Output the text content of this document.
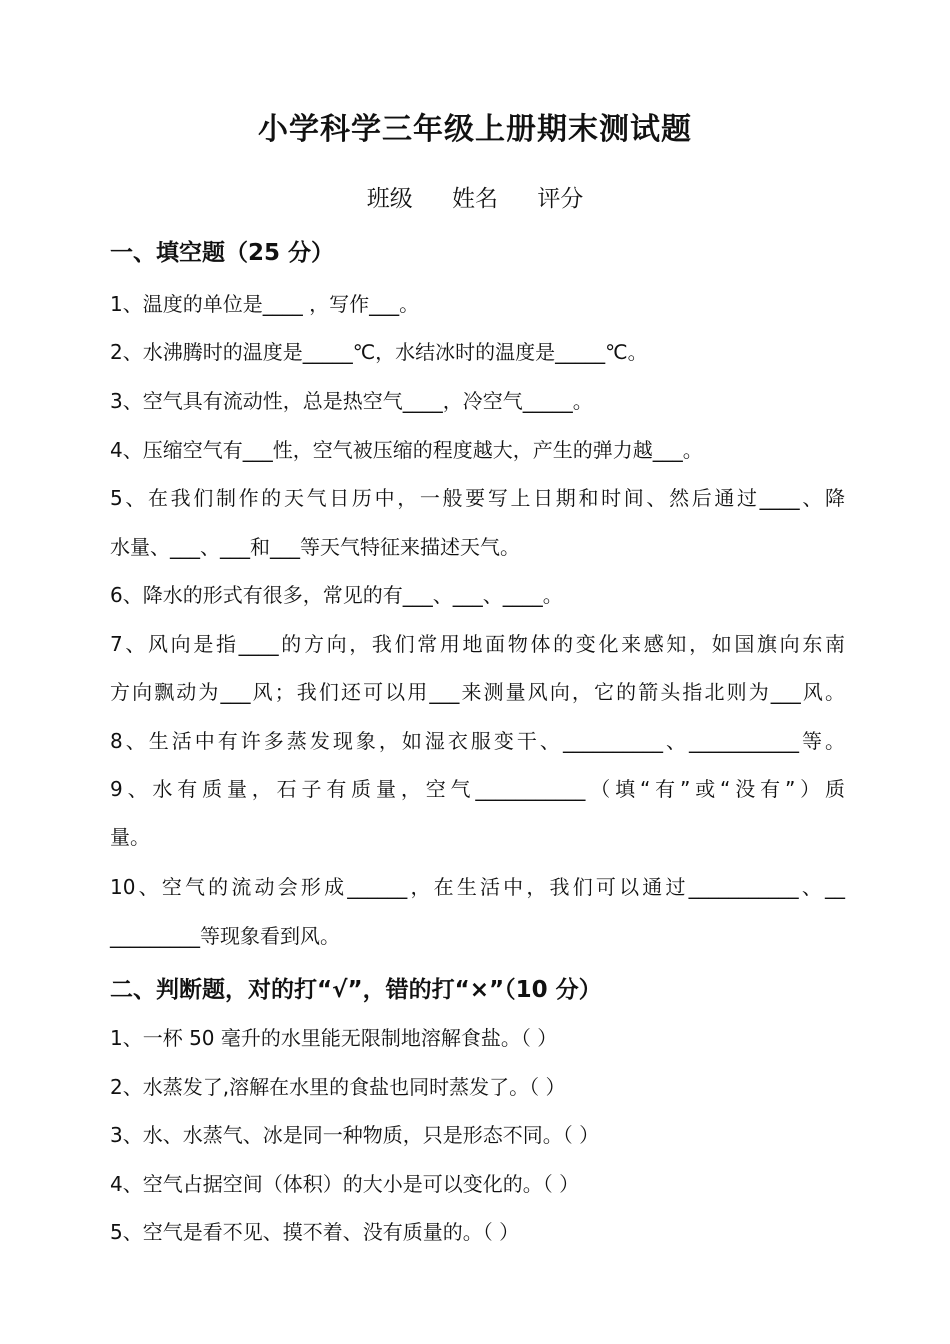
小学科学三年级上册期末测试题
班级 姓名 评分
一、填空题（25 分）
1、温度的单位是____ ，写作___。
2、水沸腾时的温度是_____℃，水结冰时的温度是_____℃。
3、空气具有流动性，总是热空气____，冷空气_____。
4、压缩空气有___性，空气被压缩的程度越大，产生的弹力越___。
5、在我们制作的天气日历中，一般要写上日期和时间、然后通过____、降
水量、___、___和___等天气特征来描述天气。
6、降水的形式有很多，常见的有___、___、____。
7、风向是指____的方向，我们常用地面物体的变化来感知，如国旗向东南
方向飘动为___风；我们还可以用___来测量风向，它的箭头指北则为___风。
8、生活中有许多蒸发现象，如湿衣服变干、__________、___________等。
9、水有质量，石子有质量，空气___________（填“有”或“没有”）质
量。
10、空气的流动会形成______，在生活中，我们可以通过___________、__
_________等现象看到风。
二、判断题，对的打“√”，错的打“×”（10 分）
1、一杯 50 毫升的水里能无限制地溶解食盐。（ ）
2、水蒸发了,溶解在水里的食盐也同时蒸发了。（ ）
3、水、水蒸气、冰是同一种物质，只是形态不同。（ ）
4、空气占据空间（体积）的大小是可以变化的。（ ）
5、空气是看不见、摸不着、没有质量的。（ ）
